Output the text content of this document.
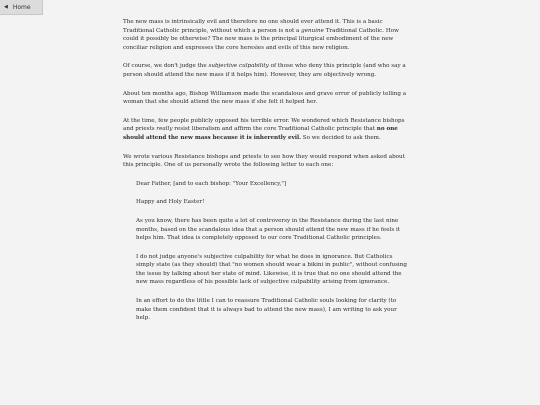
◀ Home

The new mass is intrinsically evil and therefore no one should ever attend it. This is a basic Traditional Catholic principle, without which a person is not a genuine Traditional Catholic. How could it possibly be otherwise? The new mass is the principal liturgical embodiment of the new conciliar religion and expresses the core heresies and evils of this new religion.

Of course, we don't judge the subjective culpability of those who deny this principle (and who say a person should attend the new mass if it helps him). However, they are objectively wrong.

About ten months ago, Bishop Williamson made the scandalous and grave error of publicly telling a woman that she should attend the new mass if she felt it helped her.

At the time, few people publicly opposed his terrible error. We wondered which Resistance bishops and priests really resist liberalism and affirm the core Traditional Catholic principle that no one should attend the new mass because it is inherently evil. So we decided to ask them.

We wrote various Resistance bishops and priests to see how they would respond when asked about this principle. One of us personally wrote the following letter to each one:

Dear Father, [and to each bishop: "Your Excellency,"]

Happy and Holy Easter!

As you know, there has been quite a lot of controversy in the Resistance during the last nine months, based on the scandalous idea that a person should attend the new mass if he feels it helps him. That idea is completely opposed to our core Traditional Catholic principles.

I do not judge anyone's subjective culpability for what he does in ignorance. But Catholics simply state (as they should) that "no women should wear a bikini in public", without confusing the issue by talking about her state of mind. Likewise, it is true that no one should attend the new mass regardless of his possible lack of subjective culpability arising from ignorance.

In an effort to do the little I can to reassure Traditional Catholic souls looking for clarity (to make them confident that it is always bad to attend the new mass), I am writing to ask your help.
